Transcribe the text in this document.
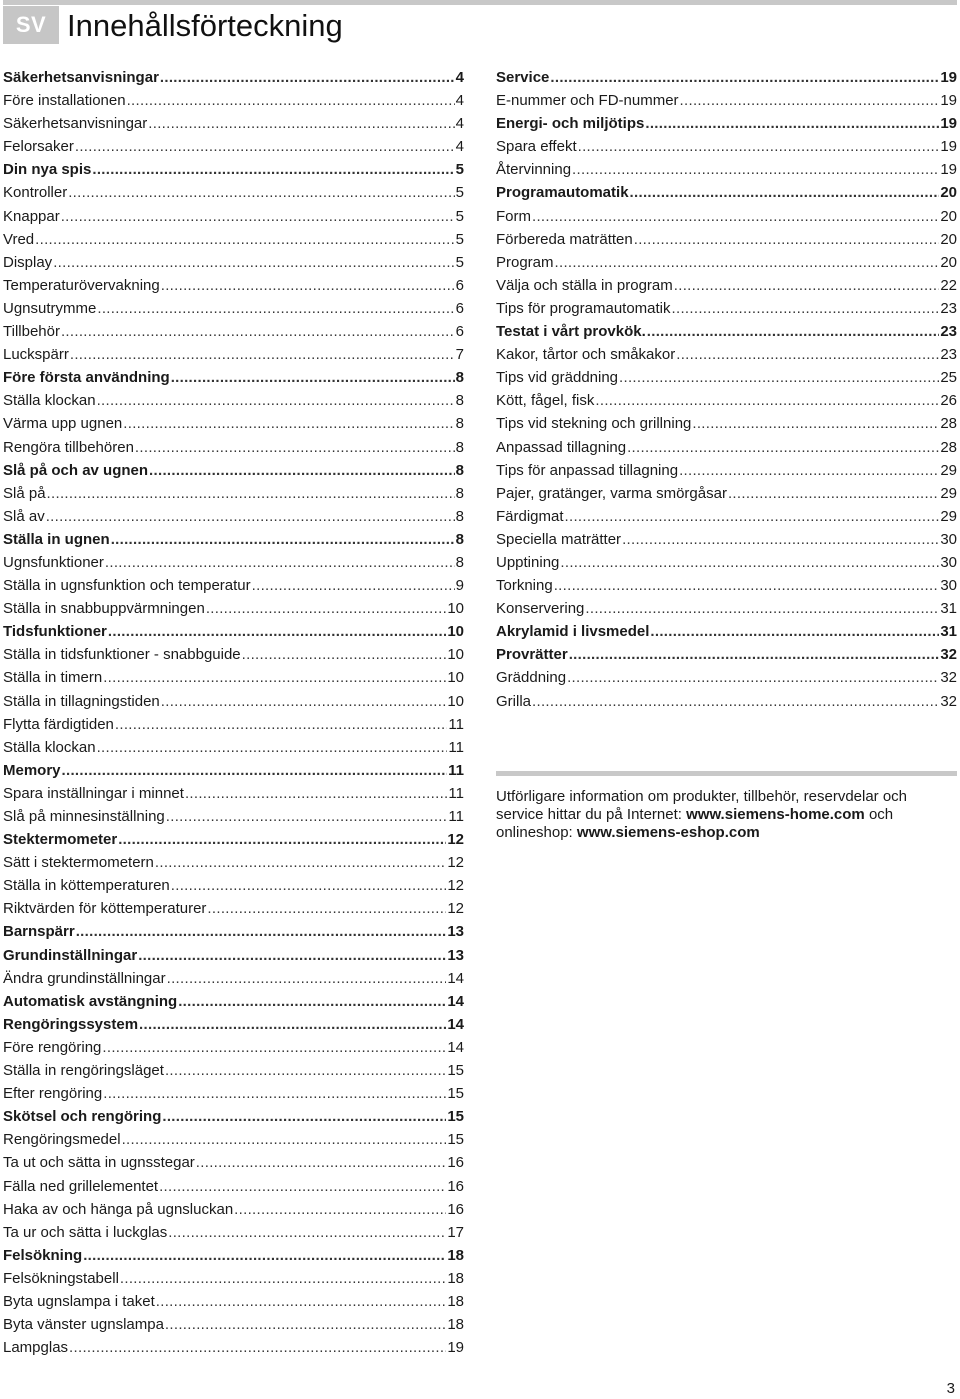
SV Innehållsförteckning
Säkerhetsanvisningar .....	4
Före installationen .....	4
Säkerhetsanvisningar .....	4
Felorsaker .....	4
Din nya spis .....	5
Kontroller .....	5
Knappar .....	5
Vred .....	5
Display .....	5
Temperaturövervakning .....	6
Ugnsutrymme .....	6
Tillbehör .....	6
Luckspärr .....	7
Före första användning .....	8
Ställa klockan .....	8
Värma upp ugnen .....	8
Rengöra tillbehören .....	8
Slå på och av ugnen .....	8
Slå på .....	8
Slå av .....	8
Ställa in ugnen .....	8
Ugnsfunktioner .....	8
Ställa in ugnsfunktion och temperatur .....	9
Ställa in snabbuppvärmningen .....	10
Tidsfunktioner .....	10
Ställa in tidsfunktioner - snabbguide .....	10
Ställa in timern .....	10
Ställa in tillagningstiden .....	10
Flytta färdigtiden .....	11
Ställa klockan .....	11
Memory .....	11
Spara inställningar i minnet .....	11
Slå på minnesinställning .....	11
Stektermometer .....	12
Sätt i stektermometern .....	12
Ställa in köttemperaturen .....	12
Riktvärden för köttemperaturer .....	12
Barnspärr .....	13
Grundinställningar .....	13
Ändra grundinställningar .....	14
Automatisk avstängning .....	14
Rengöringssystem .....	14
Före rengöring .....	14
Ställa in rengöringsläget .....	15
Efter rengöring .....	15
Skötsel och rengöring .....	15
Rengöringsmedel .....	15
Ta ut och sätta in ugnsstegar .....	16
Fälla ned grillelementet .....	16
Haka av och hänga på ugnsluckan .....	16
Ta ur och sätta i luckglas .....	17
Felsökning .....	18
Felsökningstabell .....	18
Byta ugnslampa i taket .....	18
Byta vänster ugnslampa .....	18
Lampglas .....	19
Service .....	19
E-nummer och FD-nummer .....	19
Energi- och miljötips .....	19
Spara effekt .....	19
Återvinning .....	19
Programautomatik .....	20
Form .....	20
Förbereda maträtten .....	20
Program .....	20
Välja och ställa in program .....	22
Tips för programautomatik .....	23
Testat i vårt provkök. .....	23
Kakor, tårtor och småkakor .....	23
Tips vid gräddning .....	25
Kött, fågel, fisk .....	26
Tips vid stekning och grillning .....	28
Anpassad tillagning .....	28
Tips för anpassad tillagning .....	29
Pajer, gratänger, varma smörgåsar .....	29
Färdigmat .....	29
Speciella maträtter .....	30
Upptining .....	30
Torkning .....	30
Konservering .....	31
Akrylamid i livsmedel .....	31
Provrätter .....	32
Gräddning .....	32
Grilla .....	32
Utförligare information om produkter, tillbehör, reservdelar och service hittar du på Internet: www.siemens-home.com och onlineshop: www.siemens-eshop.com
3
